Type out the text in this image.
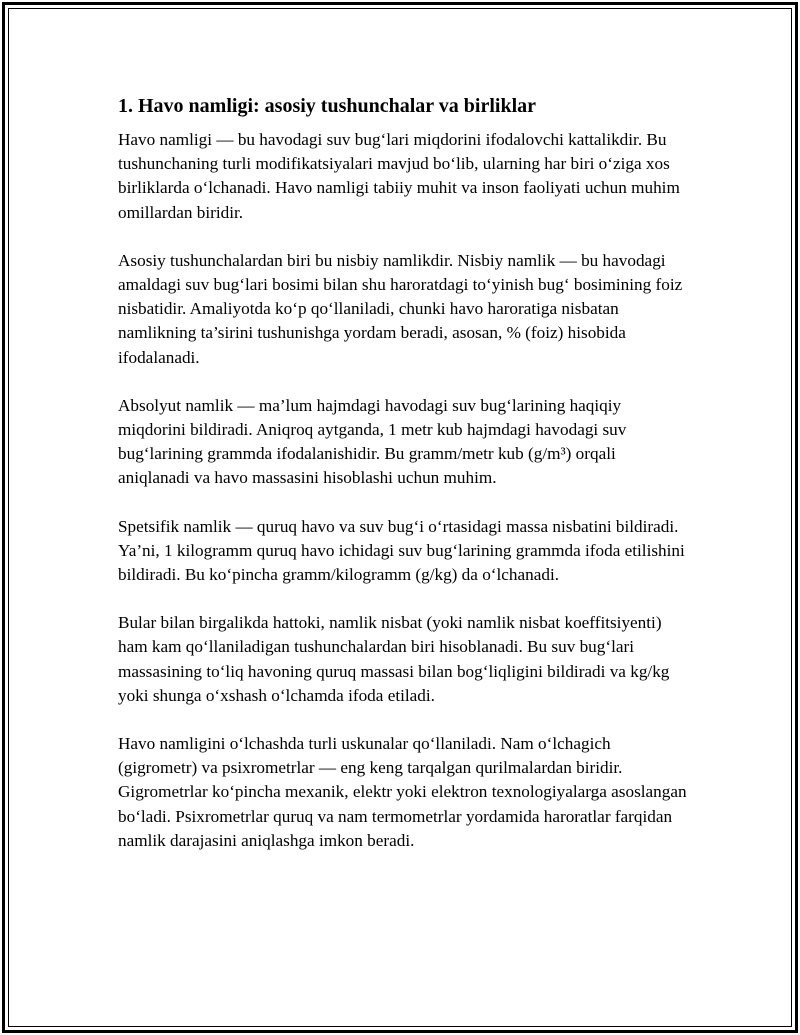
1. Havo namligi: asosiy tushunchalar va birliklar

Havo namligi — bu havodagi suv bug‘lari miqdorini ifodalovchi kattalikdir. Bu tushunchaning turli modifikatsiyalari mavjud bo‘lib, ularning har biri o‘ziga xos birliklarda o‘lchanadi. Havo namligi tabiiy muhit va inson faoliyati uchun muhim omillardan biridir.

Asosiy tushunchalardan biri bu nisbiy namlikdir. Nisbiy namlik — bu havodagi amaldagi suv bug‘lari bosimi bilan shu haroratdagi to‘yinish bug‘ bosimining foiz nisbatidir. Amaliyotda ko‘p qo‘llaniladi, chunki havo haroratiga nisbatan namlikning ta’sirini tushunishga yordam beradi, asosan, % (foiz) hisobida ifodalanadi.

Absolyut namlik — ma’lum hajmdagi havodagi suv bug‘larining haqiqiy miqdorini bildiradi. Aniqroq aytganda, 1 metr kub hajmdagi havodagi suv bug‘larining grammda ifodalanishidir. Bu gramm/metr kub (g/m³) orqali aniqlanadi va havo massasini hisoblashi uchun muhim.

Spetsifik namlik — quruq havo va suv bug‘i o‘rtasidagi massa nisbatini bildiradi. Ya’ni, 1 kilogramm quruq havo ichidagi suv bug‘larining grammda ifoda etilishini bildiradi. Bu ko‘pincha gramm/kilogramm (g/kg) da o‘lchanadi.

Bular bilan birgalikda hattoki, namlik nisbat (yoki namlik nisbat koeffitsiyenti) ham kam qo‘llaniladigan tushunchalardan biri hisoblanadi. Bu suv bug‘lari massasining to‘liq havoning quruq massasi bilan bog‘liqligini bildiradi va kg/kg yoki shunga o‘xshash o‘lchamda ifoda etiladi.

Havo namligini o‘lchashda turli uskunalar qo‘llaniladi. Nam o‘lchagich (gigrometr) va psixrometrlar — eng keng tarqalgan qurilmalardan biridir. Gigrometrlar ko‘pincha mexanik, elektr yoki elektron texnologiyalarga asoslangan bo‘ladi. Psixrometrlar quruq va nam termometrlar yordamida haroratlar farqidan namlik darajasini aniqlashga imkon beradi.
